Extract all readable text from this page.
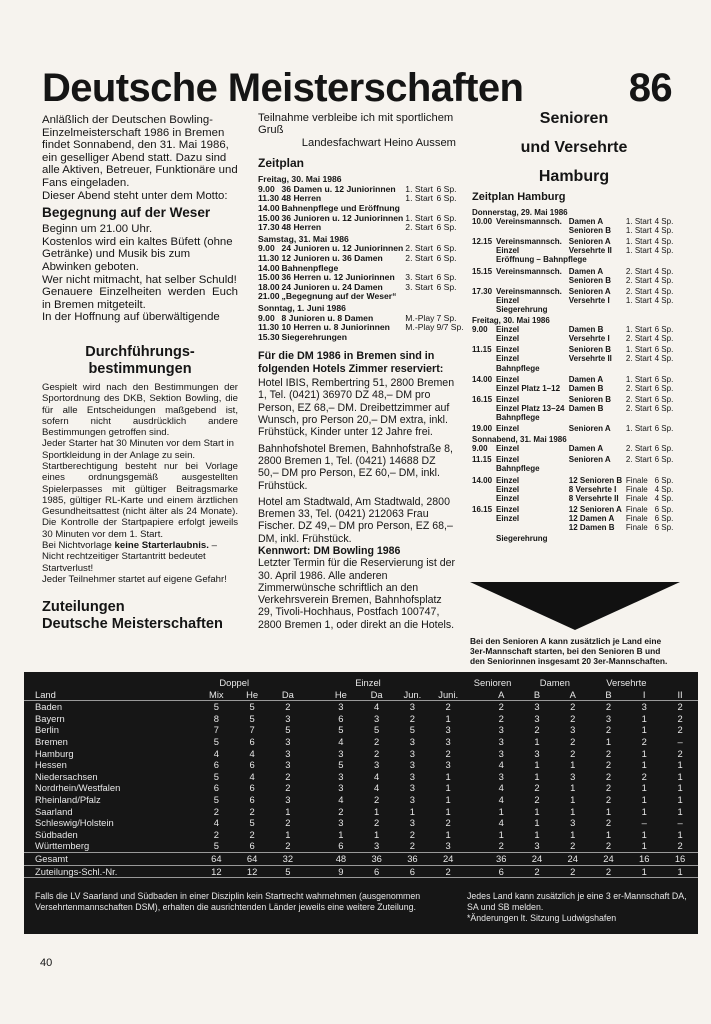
Deutsche Meisterschaften	86

Anläßlich der Deutschen Bowling-Einzelmeisterschaft 1986 in Bremen findet Sonnabend, den 31. Mai 1986, ein geselliger Abend statt. Dazu sind alle Aktiven, Betreuer, Funktionäre und Fans eingeladen.

Dieser Abend steht unter dem Motto:

Begegnung auf der Weser

Beginn um 21.00 Uhr.

Kostenlos wird ein kaltes Büfett (ohne Getränke) und Musik bis zum Abwinken geboten.

Wer nicht mitmacht, hat selber Schuld!

Genauere Einzelheiten werden Euch in Bremen mitgeteilt.

In der Hoffnung auf überwältigende

Durchführungs-
bestimmungen

Gespielt wird nach den Bestimmungen der Sportordnung des DKB, Sektion Bowling, die für alle Entscheidungen maßgebend ist, sofern nicht ausdrücklich andere Bestimmungen getroffen sind.

Jeder Starter hat 30 Minuten vor dem Start in Sportkleidung in der Anlage zu sein.

Startberechtigung besteht nur bei Vorlage eines ordnungsgemäß ausgestellten Spielerpasses mit gültiger Beitragsmarke 1985, gültiger RL-Karte und einem ärztlichen Gesundheitsattest (nicht älter als 24 Monate). Die Kontrolle der Startpapiere erfolgt jeweils 30 Minuten vor dem 1. Start.

Bei Nichtvorlage keine Starterlaubnis. – Nicht rechtzeitiger Startantritt bedeutet Startverlust!

Jeder Teilnehmer startet auf eigene Gefahr!

Zuteilungen
Deutsche Meisterschaften

Teilnahme verbleibe ich mit sportlichem Gruß

Landesfachwart Heino Aussem

Zeitplan
Freitag, 30. Mai 1986			
9.00	36 Damen u. 12 Juniorinnen	1. Start	6 Sp.
11.30	48 Herren	1. Start	6 Sp.
14.00	Bahnenpflege und Eröffnung		
15.00	36 Junioren u. 12 Juniorinnen	1. Start	6 Sp.
17.30	48 Herren	2. Start	6 Sp.
Samstag, 31. Mai 1986			
9.00	24 Junioren u. 12 Juniorinnen	2. Start	6 Sp.
11.30	12 Junioren u. 36 Damen	2. Start	6 Sp.
14.00	Bahnenpflege		
15.00	36 Herren u. 12 Juniorinnen	3. Start	6 Sp.
18.00	24 Junioren u. 24 Damen	3. Start	6 Sp.
21.00	„Begegnung auf der Weser“		
Sonntag, 1. Juni 1986			
9.00	8 Junioren u. 8 Damen	M.-Play	7 Sp.
11.30	10 Herren u. 8 Juniorinnen	M.-Play	9/7 Sp.
15.30	Siegerehrungen		
Für die DM 1986 in Bremen sind in folgenden Hotels Zimmer reserviert:

Hotel IBIS, Rembertring 51, 2800 Bremen 1, Tel. (0421) 36970 DZ 48,– DM pro Person, EZ 68,– DM. Dreibettzimmer auf Wunsch, pro Person 20,– DM extra, inkl. Frühstück, Kinder unter 12 Jahre frei.

Bahnhofshotel Bremen, Bahnhofstraße 8, 2800 Bremen 1, Tel. (0421) 14688 DZ 50,– DM pro Person, EZ 60,– DM, inkl. Frühstück.

Hotel am Stadtwald, Am Stadtwald, 2800 Bremen 33, Tel. (0421) 212063 Frau Fischer. DZ 49,– DM pro Person, EZ 68,– DM, inkl. Frühstück.

Kennwort: DM Bowling 1986

Letzter Termin für die Reservierung ist der 30. April 1986. Alle anderen Zimmerwünsche schriftlich an den Verkehrsverein Bremen, Bahnhofsplatz 29, Tivoli-Hochhaus, Postfach 100747, 2800 Bremen 1, oder direkt an die Hotels.

Senioren
und Versehrte
Hamburg
Zeitplan Hamburg
Donnerstag, 29. Mai 1986				
10.00	Vereinsmannsch.	Damen A	1. Start	4 Sp.
		Senioren B	1. Start	4 Sp.
12.15	Vereinsmannsch.	Senioren A	1. Start	4 Sp.
	Einzel	Versehrte II	1. Start	4 Sp.
	Eröffnung – Bahnpflege			
15.15	Vereinsmannsch.	Damen A	2. Start	4 Sp.
		Senioren B	2. Start	4 Sp.
17.30	Vereinsmannsch.	Senioren A	2. Start	4 Sp.
	Einzel	Versehrte I	1. Start	4 Sp.
	Siegerehrung			
Freitag, 30. Mai 1986				
9.00	Einzel	Damen B	1. Start	6 Sp.
	Einzel	Versehrte I	2. Start	4 Sp.
11.15	Einzel	Senioren B	1. Start	6 Sp.
	Einzel	Versehrte II	2. Start	4 Sp.
	Bahnpflege			
14.00	Einzel	Damen A	1. Start	6 Sp.
	Einzel Platz 1–12	Damen B	2. Start	6 Sp.
16.15	Einzel	Senioren B	2. Start	6 Sp.
	Einzel Platz 13–24	Damen B	2. Start	6 Sp.
	Bahnpflege			
19.00	Einzel	Senioren A	1. Start	6 Sp.
Sonnabend, 31. Mai 1986				
9.00	Einzel	Damen A	2. Start	6 Sp.
11.15	Einzel	Senioren A	2. Start	6 Sp.
	Bahnpflege			
14.00	Einzel	12 Senioren B	Finale	6 Sp.
	Einzel	8 Versehrte I	Finale	4 Sp.
	Einzel	8 Versehrte II	Finale	4 Sp.
16.15	Einzel	12 Senioren A	Finale	6 Sp.
	Einzel	12 Damen A	Finale	6 Sp.
		12 Damen B	Finale	6 Sp.
	Siegerehrung			
Bei den Senioren A kann zusätzlich je Land eine 3er-Mannschaft starten, bei den Senioren B und den Seniorinnen insgesamt 20 3er-Mannschaften.
	Doppel			Einzel					Senioren		Damen		Versehrte		
Land	Mix	He	Da		He	Da	Jun.	Juni.		A	B	A	B	I	II
Baden	5	5	2		3	4	3	2		2	3	2	2	3	2
Bayern	8	5	3		6	3	2	1		2	3	2	3	1	2
Berlin	7	7	5		5	5	5	3		3	2	3	2	1	2
Bremen	5	6	3		4	2	3	3		3	1	2	1	2	–
Hamburg	4	4	3		3	2	3	2		3	3	2	2	1	2
Hessen	6	6	3		5	3	3	3		4	1	1	2	1	1
Niedersachsen	5	4	2		3	4	3	1		3	1	3	2	2	1
Nordrhein/Westfalen	6	6	2		3	4	3	1		4	2	1	2	1	1
Rheinland/Pfalz	5	6	3		4	2	3	1		4	2	1	2	1	1
Saarland	2	2	1		2	1	1	1		1	1	1	1	1	1
Schleswig/Holstein	4	5	2		3	2	3	2		4	1	3	2	–	–
Südbaden	2	2	1		1	1	2	1		1	1	1	1	1	1
Württemberg	5	6	2		6	3	2	3		2	3	2	2	1	2
Gesamt	64	64	32		48	36	36	24		36	24	24	24	16	16
Zuteilungs-Schl.-Nr.	12	12	5		9	6	6	2		6	2	2	2	1	1
Falls die LV Saarland und Südbaden in einer Disziplin kein Startrecht wahrnehmen (ausgenommen Versehrtenmannschaften DSM), erhalten die ausrichtenden Länder jeweils eine weitere Zuteilung.
Jedes Land kann zusätzlich je eine 3 er-Mannschaft DA, SA und SB melden.
*Änderungen lt. Sitzung Ludwigshafen
40
